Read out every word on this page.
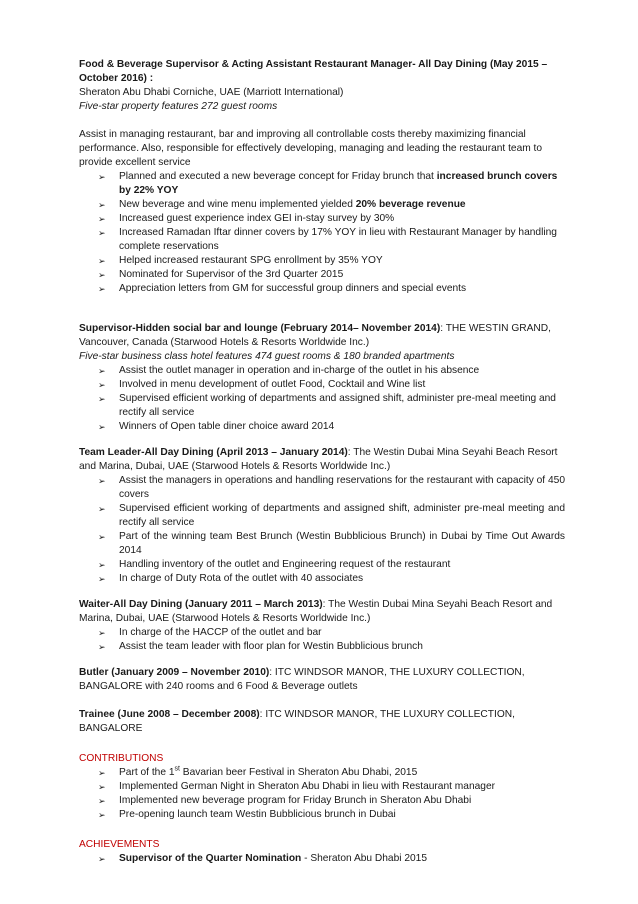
Food & Beverage Supervisor & Acting Assistant Restaurant Manager- All Day Dining (May 2015 – October 2016) :

Sheraton Abu Dhabi Corniche, UAE (Marriott International)

Five-star property features 272 guest rooms

Assist in managing restaurant, bar and improving all controllable costs thereby maximizing financial performance. Also, responsible for effectively developing, managing and leading the restaurant team to provide excellent service

➢	Planned and executed a new beverage concept for Friday brunch that increased brunch covers by 22% YOY
➢	New beverage and wine menu implemented yielded 20% beverage revenue
➢	Increased guest experience index GEI in-stay survey by 30%
➢	Increased Ramadan Iftar dinner covers by 17% YOY in lieu with Restaurant Manager by handling complete reservations
➢	Helped increased restaurant SPG enrollment by 35% YOY
➢	Nominated for Supervisor of the 3rd Quarter 2015
➢	Appreciation letters from GM for successful group dinners and special events

Supervisor-Hidden social bar and lounge (February 2014– November 2014): THE WESTIN GRAND, Vancouver, Canada (Starwood Hotels & Resorts Worldwide Inc.)

Five-star business class hotel features 474 guest rooms & 180 branded apartments

➢	Assist the outlet manager in operation and in-charge of the outlet in his absence
➢	Involved in menu development of outlet Food, Cocktail and Wine list
➢	Supervised efficient working of departments and assigned shift, administer pre-meal meeting and rectify all service
➢	Winners of Open table diner choice award 2014

Team Leader-All Day Dining (April 2013 – January 2014): The Westin Dubai Mina Seyahi Beach Resort and Marina, Dubai, UAE (Starwood Hotels & Resorts Worldwide Inc.)

➢	Assist the managers in operations and handling reservations for the restaurant with capacity of 450 covers
➢	Supervised efficient working of departments and assigned shift, administer pre-meal meeting and rectify all service
➢	Part of the winning team Best Brunch (Westin Bubblicious Brunch) in Dubai by Time Out Awards 2014
➢	Handling inventory of the outlet and Engineering request of the restaurant
➢	In charge of Duty Rota of the outlet with 40 associates

Waiter-All Day Dining (January 2011 – March 2013): The Westin Dubai Mina Seyahi Beach Resort and Marina, Dubai, UAE (Starwood Hotels & Resorts Worldwide Inc.)

➢	In charge of the HACCP of the outlet and bar
➢	Assist the team leader with floor plan for Westin Bubblicious brunch

Butler (January 2009 – November 2010): ITC WINDSOR MANOR, THE LUXURY COLLECTION, BANGALORE with 240 rooms and 6 Food & Beverage outlets

Trainee (June 2008 – December 2008): ITC WINDSOR MANOR, THE LUXURY COLLECTION, BANGALORE

CONTRIBUTIONS

➢	Part of the 1st Bavarian beer Festival in Sheraton Abu Dhabi, 2015
➢	Implemented German Night in Sheraton Abu Dhabi in lieu with Restaurant manager
➢	Implemented new beverage program for Friday Brunch in Sheraton Abu Dhabi
➢	Pre-opening launch team Westin Bubblicious brunch in Dubai

ACHIEVEMENTS

➢	Supervisor of the Quarter Nomination - Sheraton Abu Dhabi 2015
